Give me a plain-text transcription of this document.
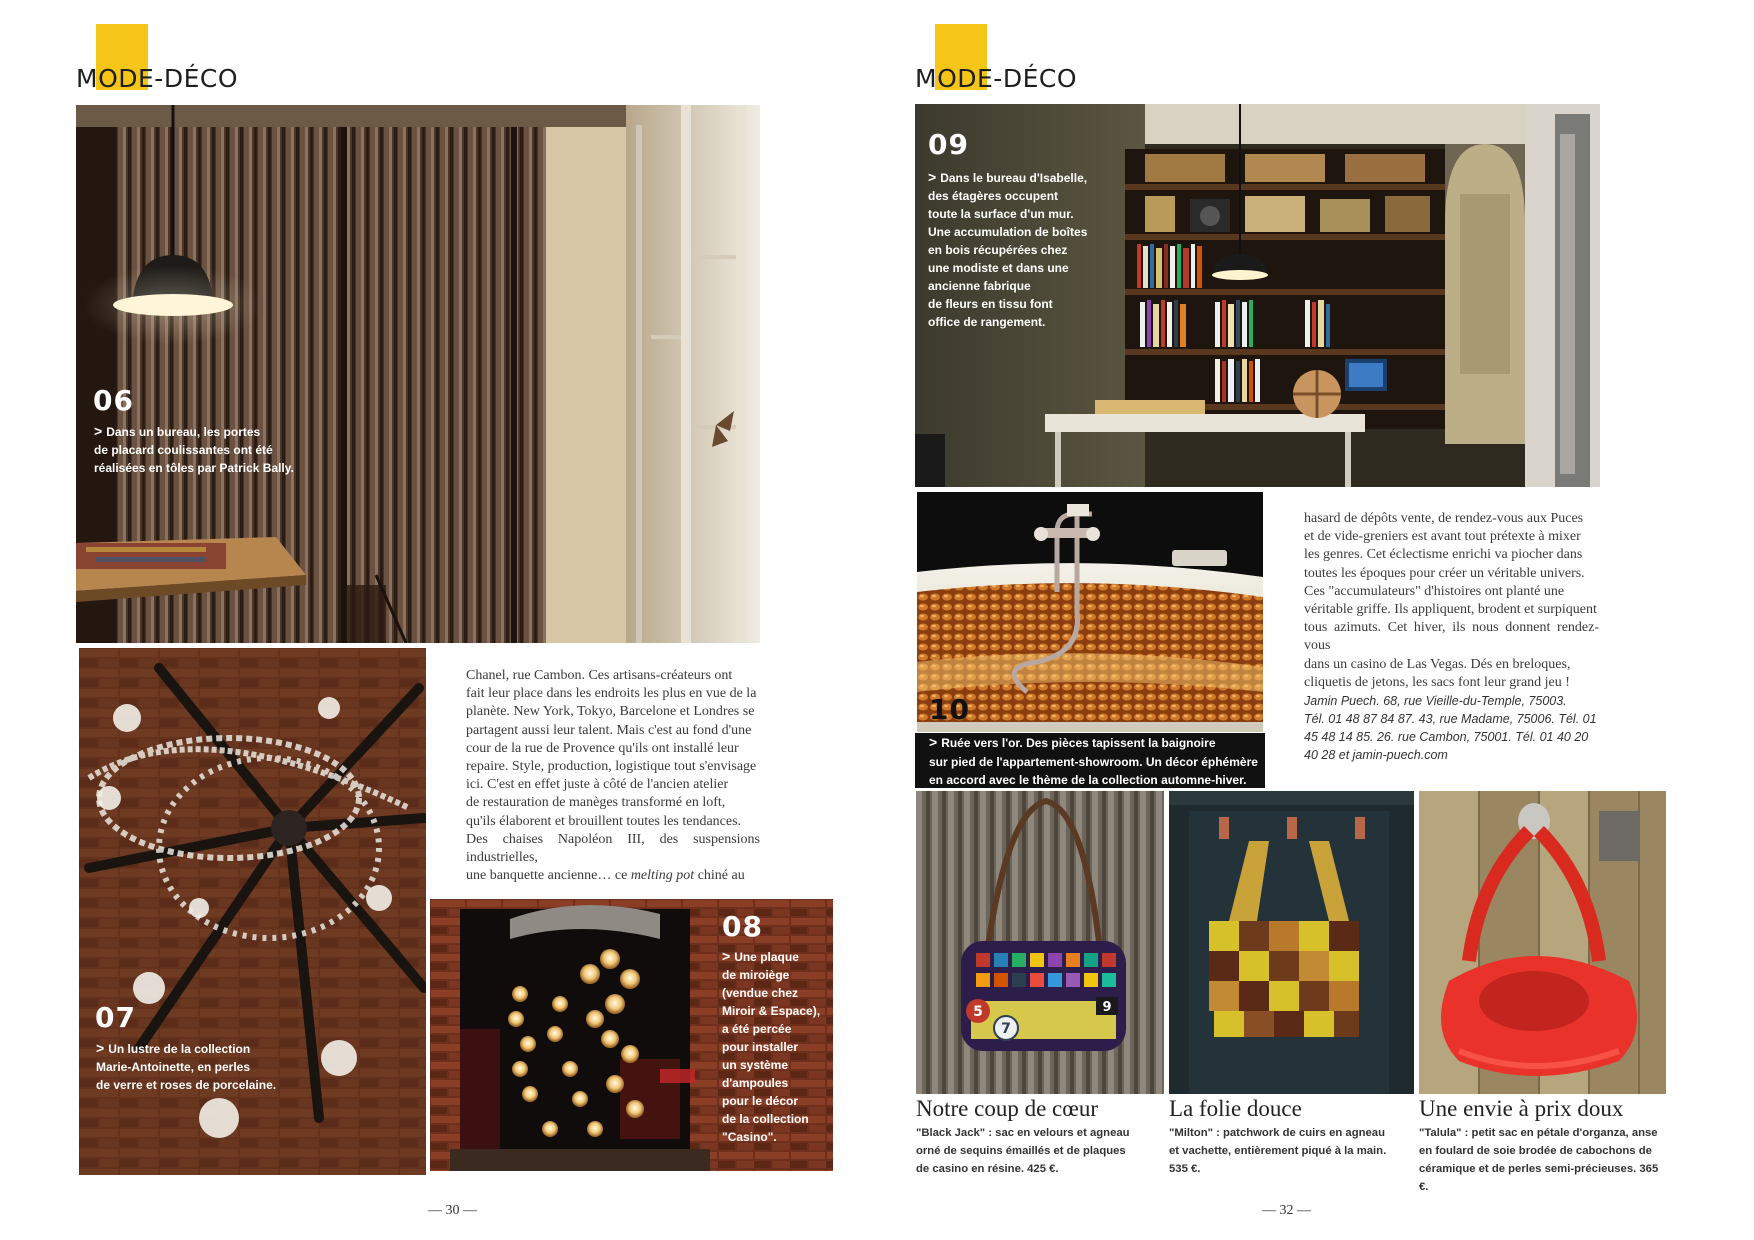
MODE-DÉCO
06
> Dans un bureau, les portes
de placard coulissantes ont été
réalisées en tôles par Patrick Bally.
07
> Un lustre de la collection
Marie-Antoinette, en perles
de verre et roses de porcelaine.

Chanel, rue Cambon. Ces artisans-créateurs ont

fait leur place dans les endroits les plus en vue de la

planète. New York, Tokyo, Barcelone et Londres se

partagent aussi leur talent. Mais c'est au fond d'une

cour de la rue de Provence qu'ils ont installé leur

repaire. Style, production, logistique tout s'envisage

ici. C'est en effet juste à côté de l'ancien atelier

de restauration de manèges transformé en loft,

qu'ils élaborent et brouillent toutes les tendances.

Des chaises Napoléon III, des suspensions industrielles,

une banquette ancienne… ce melting pot chiné au

08
> Une plaque
de miroiège
(vendue chez
Miroir & Espace),
a été percée
pour installer
un système
d'ampoules
pour le décor
de la collection
"Casino".
— 30 —
MODE-DÉCO
09
> Dans le bureau d'Isabelle,
des étagères occupent
toute la surface d'un mur.
Une accumulation de boîtes
en bois récupérées chez
une modiste et dans une
ancienne fabrique
de fleurs en tissu font
office de rangement.
10
> Ruée vers l'or. Des pièces tapissent la baignoire
sur pied de l'appartement-showroom. Un décor éphémère
en accord avec le thème de la collection automne-hiver.

hasard de dépôts vente, de rendez-vous aux Puces

et de vide-greniers est avant tout prétexte à mixer

les genres. Cet éclectisme enrichi va piocher dans

toutes les époques pour créer un véritable univers.

Ces "accumulateurs" d'histoires ont planté une

véritable griffe. Ils appliquent, brodent et surpiquent

tous azimuts. Cet hiver, ils nous donnent rendez-vous

dans un casino de Las Vegas. Dés en breloques,

cliquetis de jetons, les sacs font leur grand jeu !

Jamin Puech. 68, rue Vieille-du-Temple, 75003.

Tél. 01 48 87 84 87. 43, rue Madame, 75006. Tél. 01

45 48 14 85. 26. rue Cambon, 75001. Tél. 01 40 20

40 28 et jamin-puech.com

5
7
9
Notre coup de cœur
"Black Jack" : sac en velours et agneau
orné de sequins émaillés et de plaques
de casino en résine. 425 €.
La folie douce
"Milton" : patchwork de cuirs en agneau
et vachette, entièrement piqué à la main.
535 €.
Une envie à prix doux
"Talula" : petit sac en pétale d'organza, anse
en foulard de soie brodée de cabochons de
céramique et de perles semi-précieuses. 365 €.
— 32 —
